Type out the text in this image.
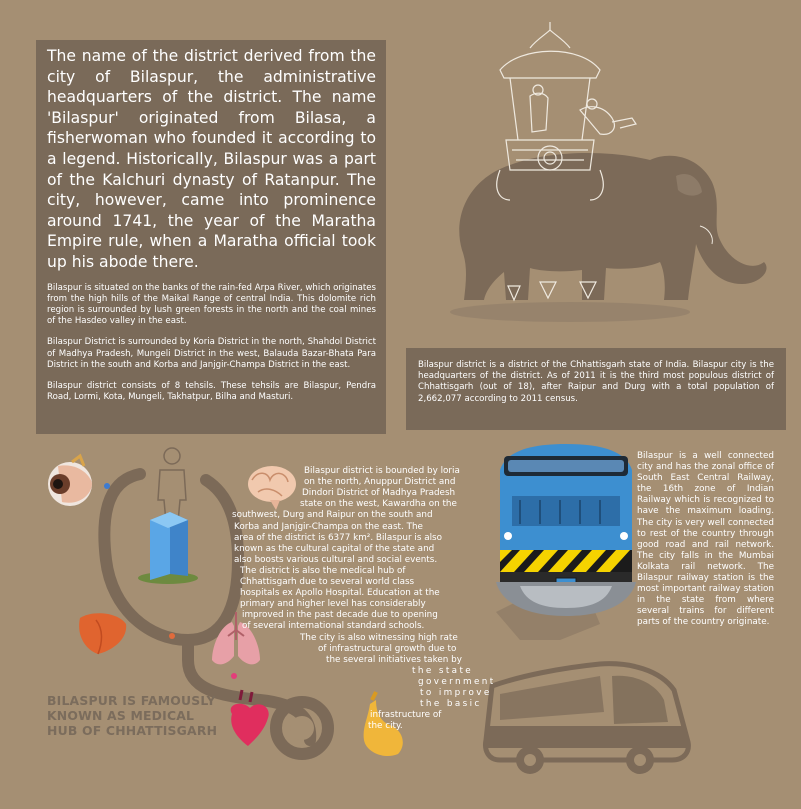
The name of the district derived from the city of Bilaspur, the administrative headquarters of the district. The name 'Bilaspur' originated from Bilasa, a fisherwoman who founded it according to a legend. Historically, Bilaspur was a part of the Kalchuri dynasty of Ratanpur. The city, however, came into prominence around 1741, the year of the Maratha Empire rule, when a Maratha official took up his abode there.

Bilaspur is situated on the banks of the rain-fed Arpa River, which originates from the high hills of the Maikal Range of central India. This dolomite rich region is surrounded by lush green forests in the north and the coal mines of the Hasdeo valley in the east.

Bilaspur District is surrounded by Koria District in the north, Shahdol District of Madhya Pradesh, Mungeli District in the west, Balauda Bazar-Bhata Para District in the south and Korba and Janjgir-Champa District in the east.

Bilaspur district consists of 8 tehsils. These tehsils are Bilaspur, Pendra Road, Lormi, Kota, Mungeli, Takhatpur, Bilha and Masturi.

Bilaspur district is a district of the Chhattisgarh state of India. Bilaspur city is the headquarters of the district. As of 2011 it is the third most populous district of Chhattisgarh (out of 18), after Raipur and Durg with a total population of 2,662,077 according to 2011 census.

Bilaspur district is bounded by loria

on the north, Anuppur District and

Dindori District of Madhya Pradesh

state on the west, Kawardha on the

southwest, Durg and Raipur on the south and

Korba and Janjgir-Champa on the east. The

area of the district is 6377 km². Bilaspur is also

known as the cultural capital of the state and

also boosts various cultural and social events.

The district is also the medical hub of

Chhattisgarh due to several world class

hospitals ex Apollo Hospital. Education at the

primary and higher level has considerably

improved in the past decade due to opening

of several international standard schools.

The city is also witnessing high rate

of infrastructural growth due to

the several initiatives taken by

the state

government

to improve

the basic

infrastructure of

the city.

Bilaspur is a well connected city and has the zonal office of South East Central Railway, the 16th zone of Indian Railway which is recognized to have the maximum loading. The city is very well connected to rest of the country through good road and rail network. The city falls in the Mumbai Kolkata rail network. The Bilaspur railway station is the most important railway station in the state from where several trains for different parts of the country originate.
BILASPUR IS FAMOUSLY KNOWN AS MEDICAL HUB OF CHHATTISGARH
